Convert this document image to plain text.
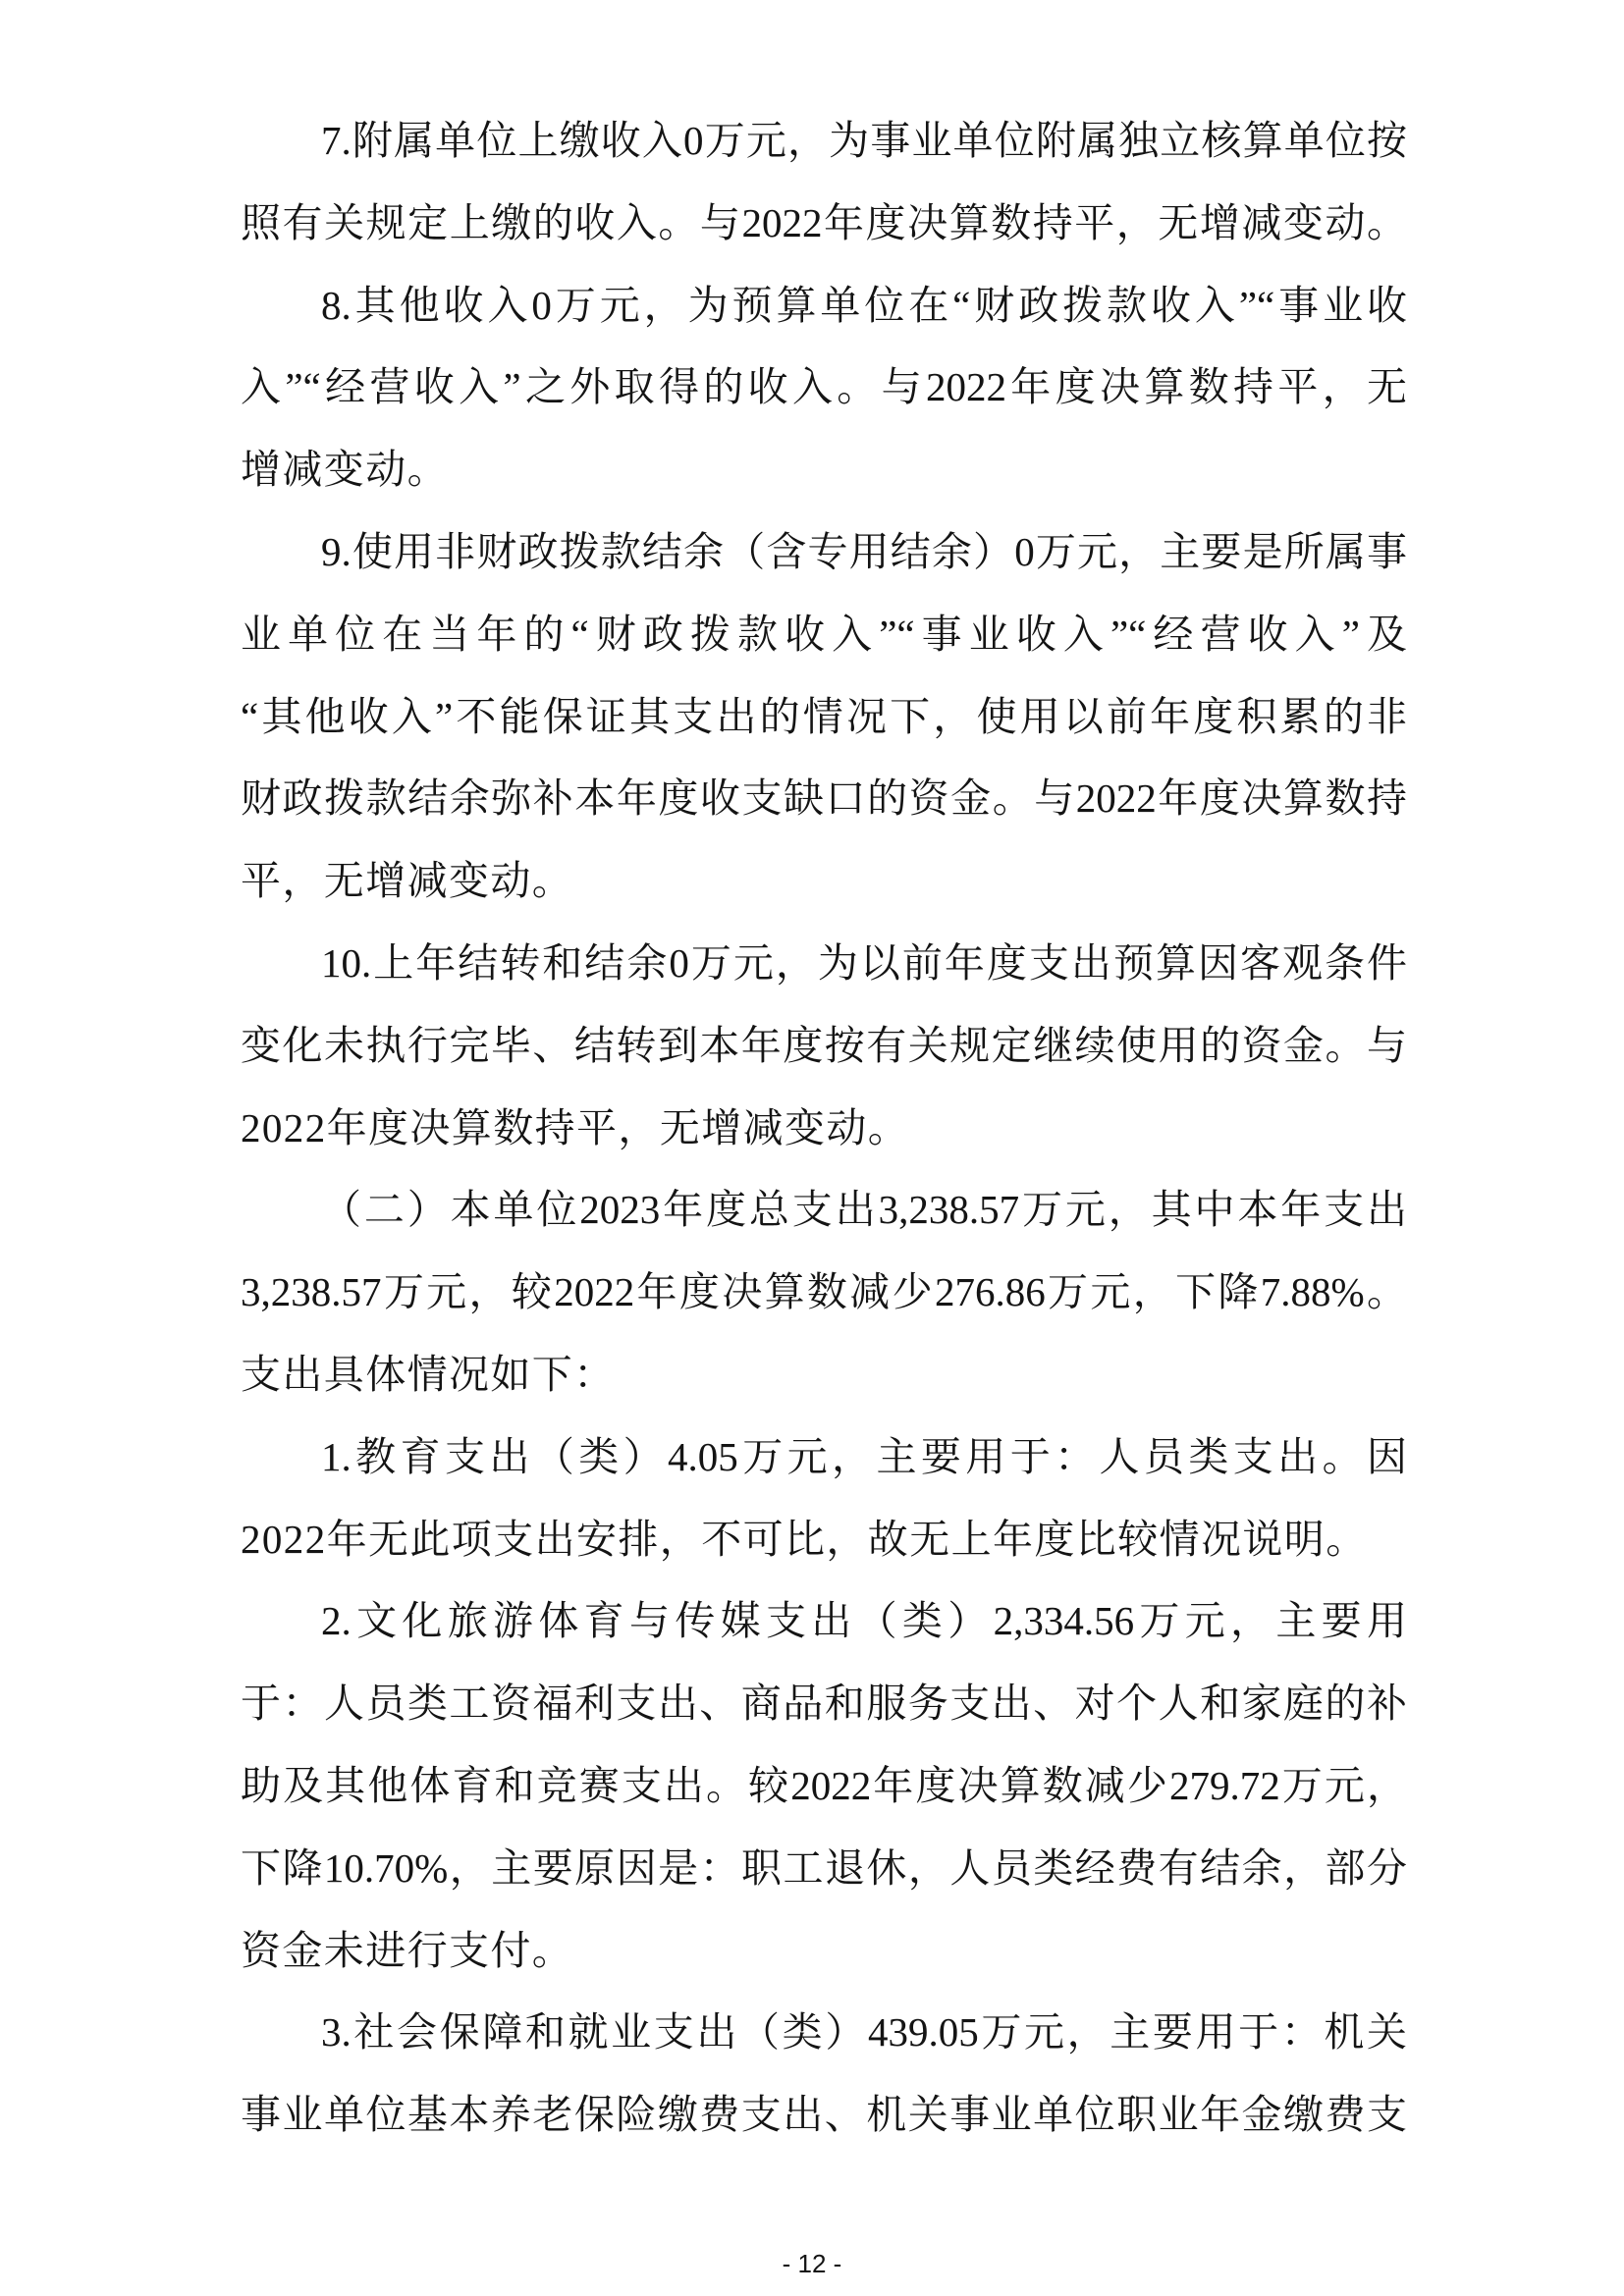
7.附属单位上缴收入0万元，为事业单位附属独立核算单位按
照有关规定上缴的收入。与2022年度决算数持平，无增减变动。
8.其他收入0万元，为预算单位在“财政拨款收入”“事业收
入”“经营收入”之外取得的收入。与2022年度决算数持平，无
增减变动。
9.使用非财政拨款结余（含专用结余）0万元，主要是所属事
业单位在当年的“财政拨款收入”“事业收入”“经营收入”及
“其他收入”不能保证其支出的情况下，使用以前年度积累的非
财政拨款结余弥补本年度收支缺口的资金。与2022年度决算数持
平，无增减变动。
10.上年结转和结余0万元，为以前年度支出预算因客观条件
变化未执行完毕、结转到本年度按有关规定继续使用的资金。与
2022年度决算数持平，无增减变动。
（二）本单位2023年度总支出3,238.57万元，其中本年支出
3,238.57万元，较2022年度决算数减少276.86万元，下降7.88%。
支出具体情况如下：
1.教育支出（类）4.05万元，主要用于：人员类支出。因
2022年无此项支出安排，不可比，故无上年度比较情况说明。
2.文化旅游体育与传媒支出（类）2,334.56万元，主要用
于：人员类工资福利支出、商品和服务支出、对个人和家庭的补
助及其他体育和竞赛支出。较2022年度决算数减少279.72万元，
下降10.70%，主要原因是：职工退休，人员类经费有结余，部分
资金未进行支付。
3.社会保障和就业支出（类）439.05万元，主要用于：机关
事业单位基本养老保险缴费支出、机关事业单位职业年金缴费支
- 12 -
